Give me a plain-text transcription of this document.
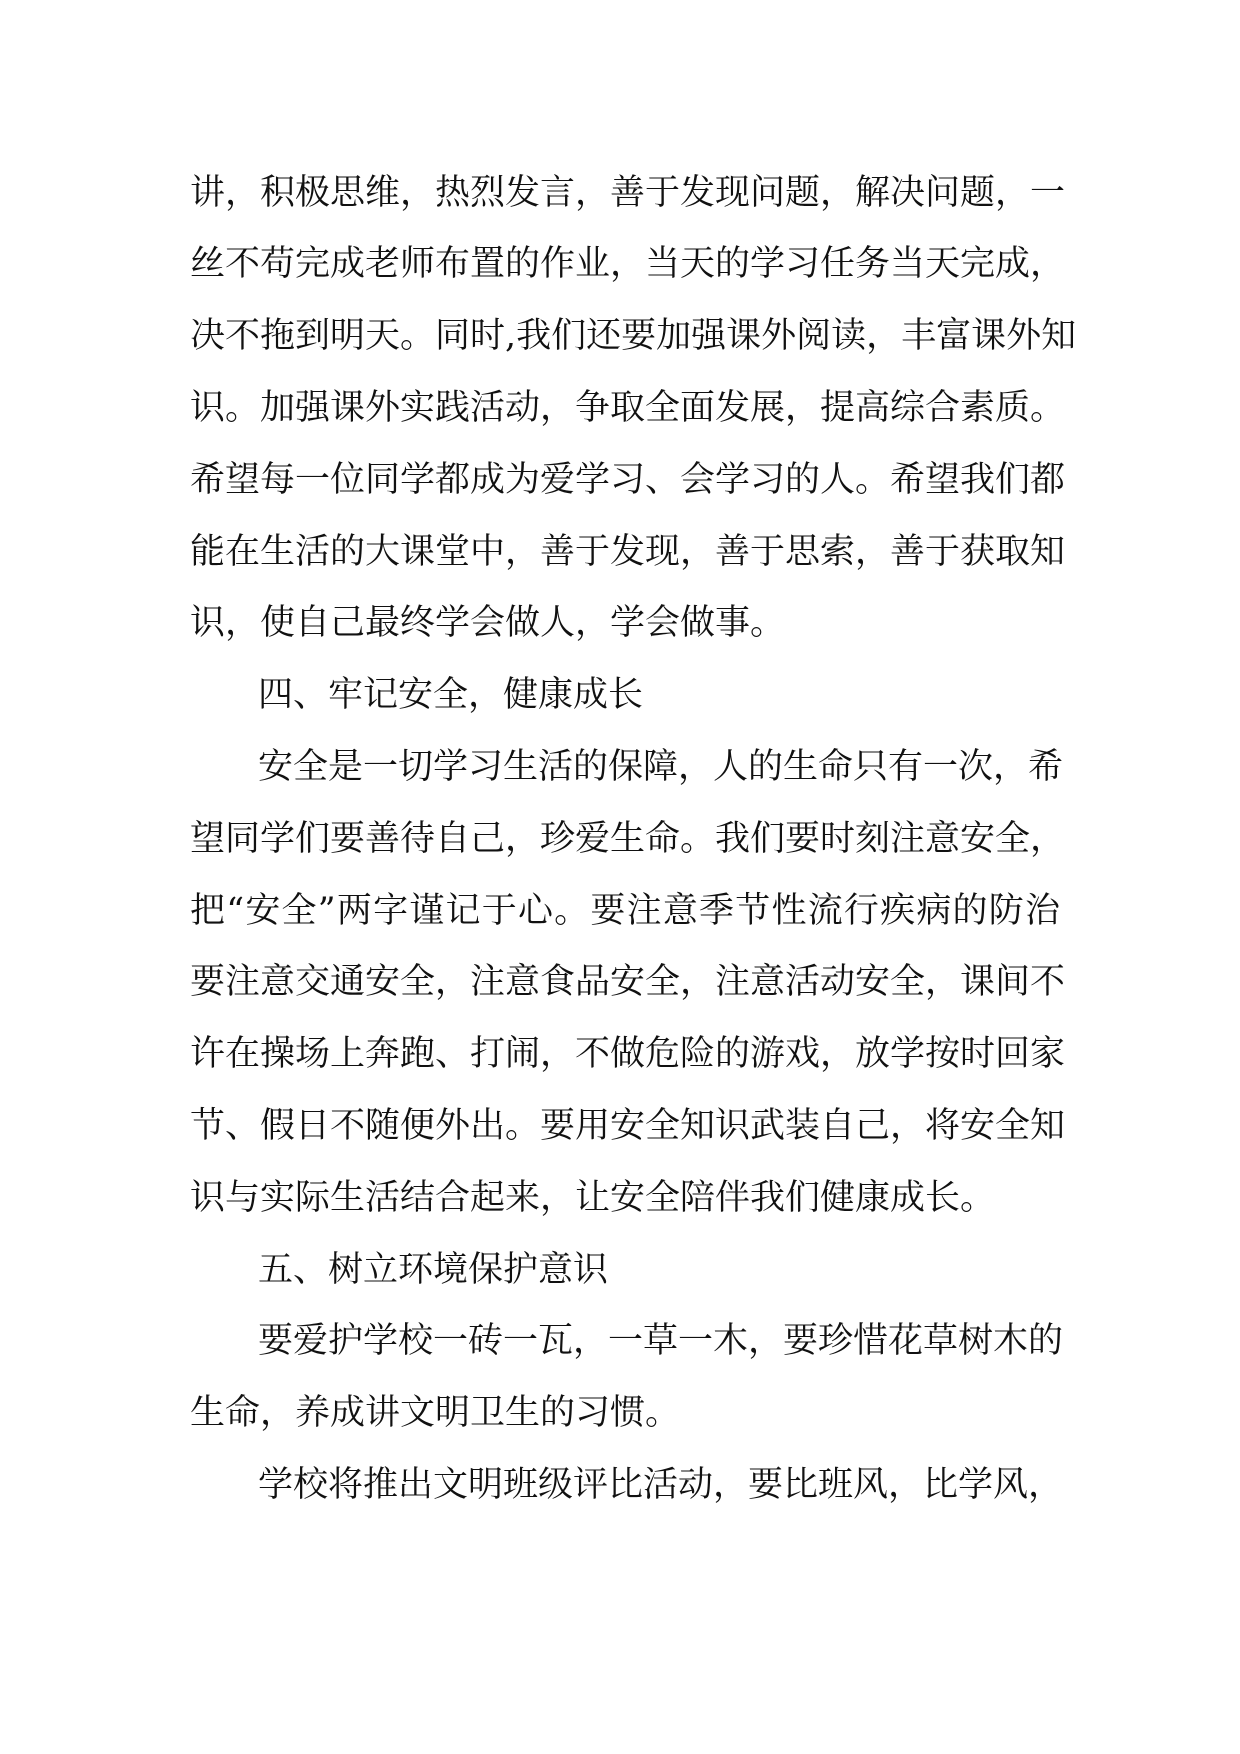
讲，积极思维，热烈发言，善于发现问题，解决问题，一
丝不苟完成老师布置的作业，当天的学习任务当天完成，
决不拖到明天。同时,我们还要加强课外阅读，丰富课外知
识。加强课外实践活动，争取全面发展，提高综合素质。
希望每一位同学都成为爱学习、会学习的人。希望我们都
能在生活的大课堂中，善于发现，善于思索，善于获取知
识，使自己最终学会做人，学会做事。
四、牢记安全，健康成长
安全是一切学习生活的保障，人的生命只有一次，希
望同学们要善待自己，珍爱生命。我们要时刻注意安全，
把“安全”两字谨记于心。要注意季节性流行疾病的防治
要注意交通安全，注意食品安全，注意活动安全，课间不
许在操场上奔跑、打闹，不做危险的游戏，放学按时回家
节、假日不随便外出。要用安全知识武装自己，将安全知
识与实际生活结合起来，让安全陪伴我们健康成长。
五、树立环境保护意识
要爱护学校一砖一瓦，一草一木，要珍惜花草树木的
生命，养成讲文明卫生的习惯。
学校将推出文明班级评比活动，要比班风，比学风，
